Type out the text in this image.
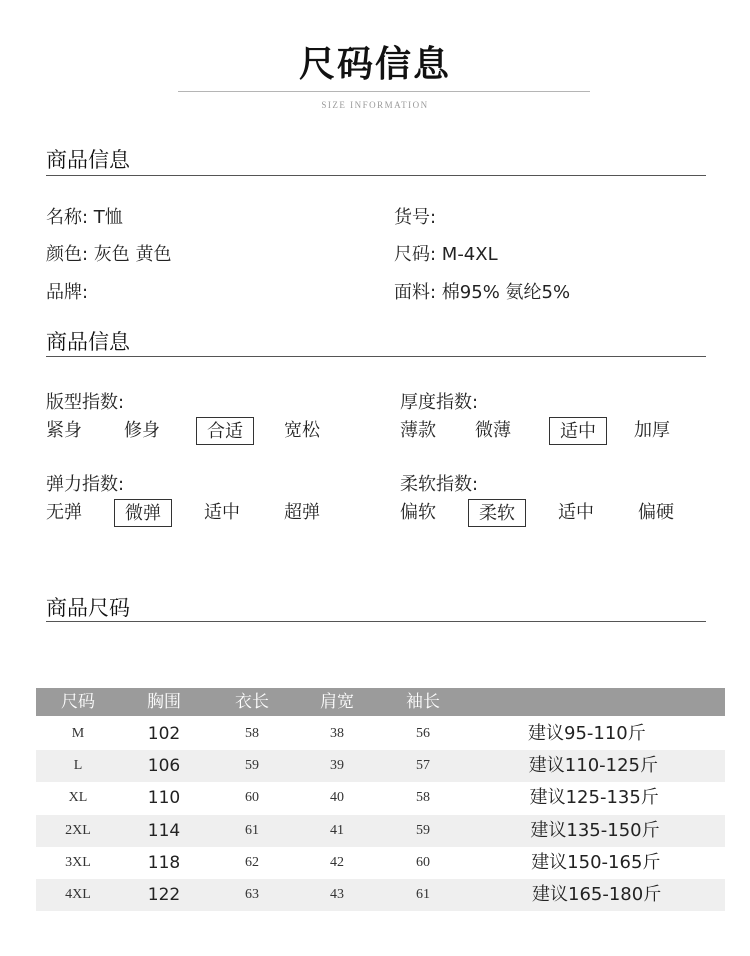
尺码信息
SIZE INFORMATION
商品信息
名称: T恤	货号:
颜色: 灰色 黄色	尺码: M-4XL
品牌:	面料: 棉95% 氨纶5%
商品信息
版型指数:
紧身 修身	合适	宽松
厚度指数:
薄款 微薄	适中	加厚
弹力指数:
无弹	微弹	适中 超弹
柔软指数:
偏软	柔软	适中 偏硬
商品尺码
尺码	胸围	衣长	肩宽	袖长
M	102	58	38	56	建议95-110斤
L	106	59	39	57	建议110-125斤
XL	110	60	40	58	建议125-135斤
2XL	114	61	41	59	建议135-150斤
3XL	118	62	42	60	建议150-165斤
4XL	122	63	43	61	建议165-180斤
